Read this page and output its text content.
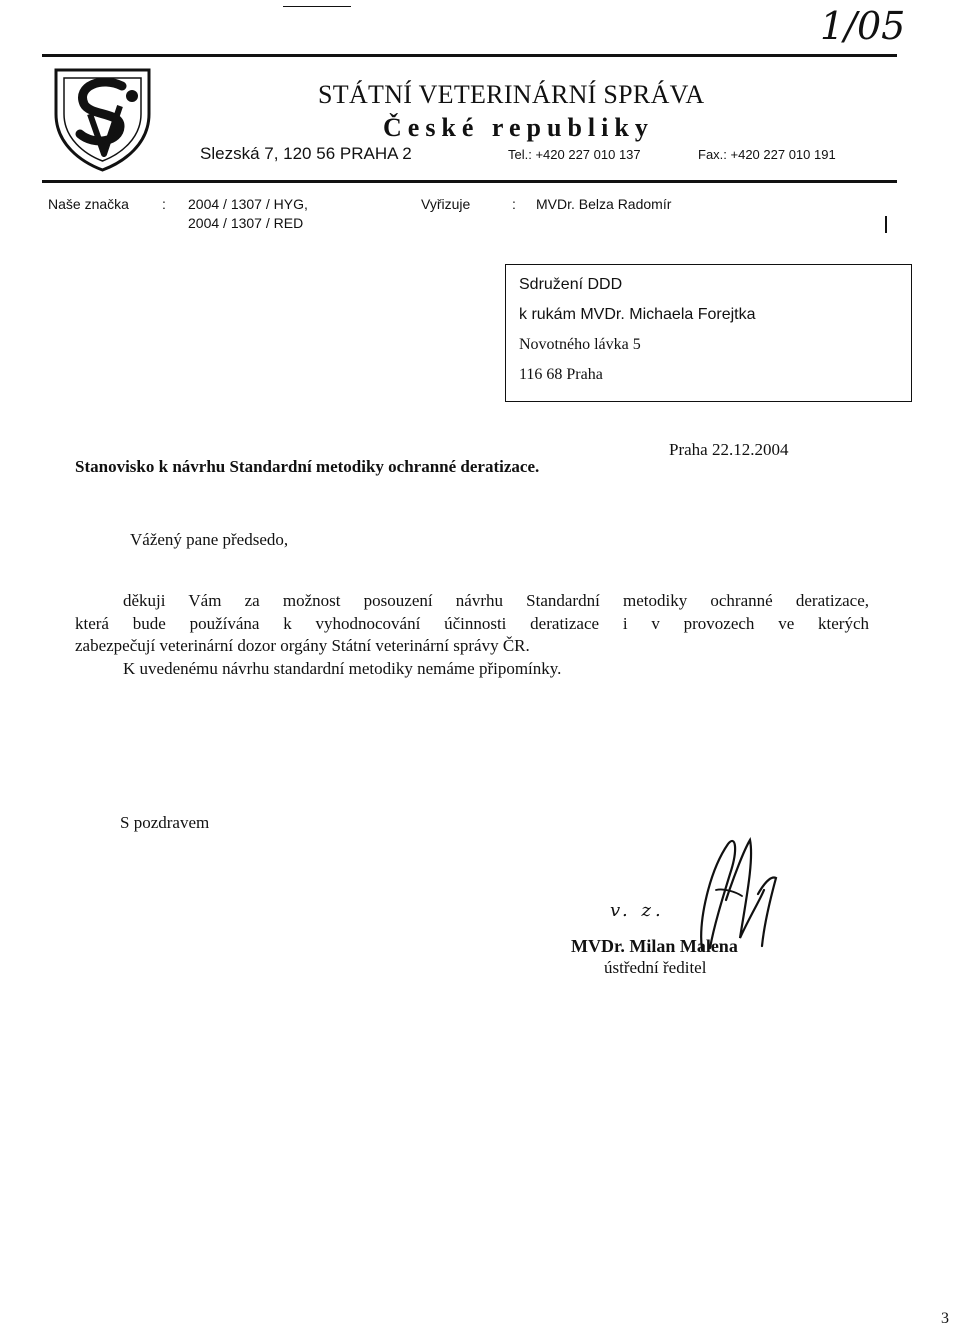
1/05
STÁTNÍ VETERINÁRNÍ SPRÁVA
České republiky
Slezská 7, 120 56 PRAHA 2	Tel.: +420 227 010 137	Fax.: +420 227 010 191
Naše značka : 2004 / 1307 / HYG,
2004 / 1307 / RED
Vyřizuje	: MVDr. Belza Radomír
Sdružení DDD
k rukám MVDr. Michaela Forejtka
Novotného lávka 5
116 68 Praha
Praha 22.12.2004
Stanovisko k návrhu Standardní metodiky ochranné deratizace.
Vážený pane předsedo,
děkuji Vám za možnost posouzení návrhu Standardní metodiky ochranné deratizace,
která bude používána k vyhodnocování účinnosti deratizace i v provozech ve kterých
zabezpečují veterinární dozor orgány Státní veterinární správy ČR.
K uvedenému návrhu standardní metodiky nemáme připomínky.
S pozdravem
v. z.
MVDr. Milan Malena
ústřední ředitel
3
